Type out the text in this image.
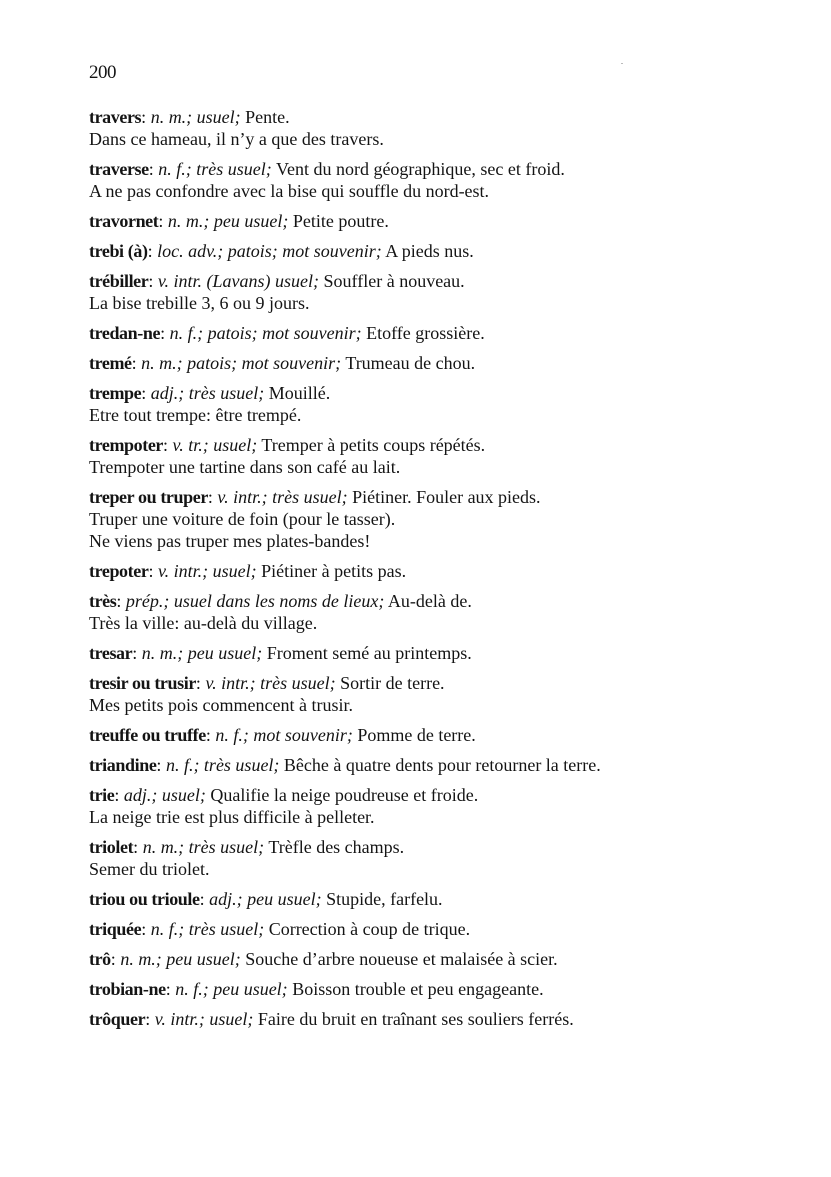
200
travers: n. m.; usuel; Pente.
Dans ce hameau, il n’y a que des travers.
traverse: n. f.; très usuel; Vent du nord géographique, sec et froid.
A ne pas confondre avec la bise qui souffle du nord-est.
travornet: n. m.; peu usuel; Petite poutre.
trebi (à): loc. adv.; patois; mot souvenir; A pieds nus.
trébiller: v. intr. (Lavans) usuel; Souffler à nouveau.
La bise trebille 3, 6 ou 9 jours.
tredan-ne: n. f.; patois; mot souvenir; Etoffe grossière.
tremé: n. m.; patois; mot souvenir; Trumeau de chou.
trempe: adj.; très usuel; Mouillé.
Etre tout trempe: être trempé.
trempoter: v. tr.; usuel; Tremper à petits coups répétés.
Trempoter une tartine dans son café au lait.
treper ou truper: v. intr.; très usuel; Piétiner. Fouler aux pieds.
Truper une voiture de foin (pour le tasser).
Ne viens pas truper mes plates-bandes!
trepoter: v. intr.; usuel; Piétiner à petits pas.
très: prép.; usuel dans les noms de lieux; Au-delà de.
Très la ville: au-delà du village.
tresar: n. m.; peu usuel; Froment semé au printemps.
tresir ou trusir: v. intr.; très usuel; Sortir de terre.
Mes petits pois commencent à trusir.
treuffe ou truffe: n. f.; mot souvenir; Pomme de terre.
triandine: n. f.; très usuel; Bêche à quatre dents pour retourner la terre.
trie: adj.; usuel; Qualifie la neige poudreuse et froide.
La neige trie est plus difficile à pelleter.
triolet: n. m.; très usuel; Trèfle des champs.
Semer du triolet.
triou ou trioule: adj.; peu usuel; Stupide, farfelu.
triquée: n. f.; très usuel; Correction à coup de trique.
trô: n. m.; peu usuel; Souche d’arbre noueuse et malaisée à scier.
trobian-ne: n. f.; peu usuel; Boisson trouble et peu engageante.
trôquer: v. intr.; usuel; Faire du bruit en traînant ses souliers ferrés.
